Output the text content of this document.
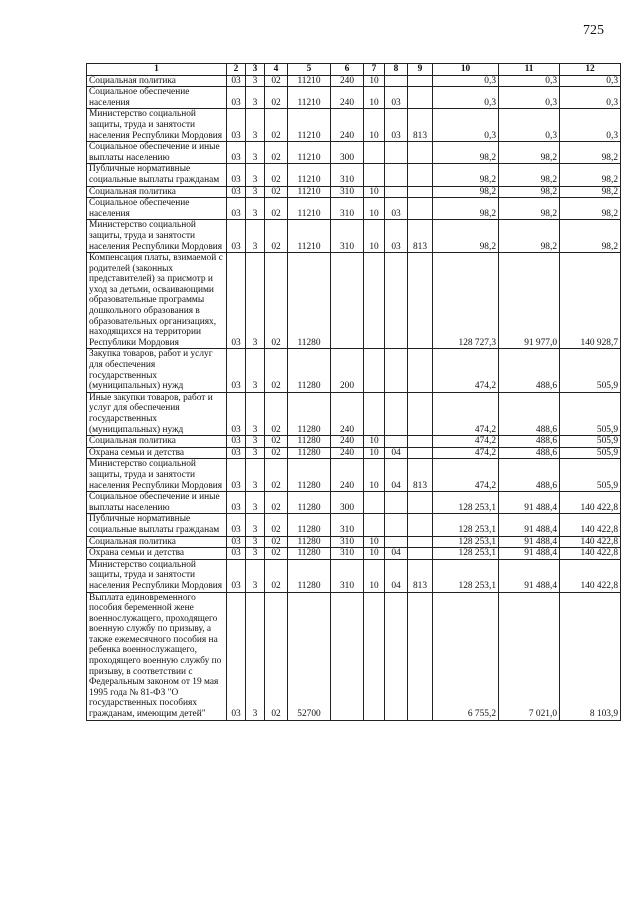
725
1	2	3	4	5	6	7	8	9	10	11	12
Социальная политика	03	3	02	11210	240	10			0,3	0,3	0,3
Социальное обеспечение населения	03	3	02	11210	240	10	03		0,3	0,3	0,3
Министерство социальной защиты, труда и занятости населения Республики Мордовия	03	3	02	11210	240	10	03	813	0,3	0,3	0,3
Социальное обеспечение и иные выплаты населению	03	3	02	11210	300				98,2	98,2	98,2
Публичные нормативные социальные выплаты гражданам	03	3	02	11210	310				98,2	98,2	98,2
Социальная политика	03	3	02	11210	310	10			98,2	98,2	98,2
Социальное обеспечение населения	03	3	02	11210	310	10	03		98,2	98,2	98,2
Министерство социальной защиты, труда и занятости населения Республики Мордовия	03	3	02	11210	310	10	03	813	98,2	98,2	98,2
Компенсация платы, взимаемой с родителей (законных представителей) за присмотр и уход за детьми, осваивающими образовательные программы дошкольного образования в образовательных организациях, находящихся на территории Республики Мордовия	03	3	02	11280					128 727,3	91 977,0	140 928,7
Закупка товаров, работ и услуг для обеспечения государственных (муниципальных) нужд	03	3	02	11280	200				474,2	488,6	505,9
Иные закупки товаров, работ и услуг для обеспечения государственных (муниципальных) нужд	03	3	02	11280	240				474,2	488,6	505,9
Социальная политика	03	3	02	11280	240	10			474,2	488,6	505,9
Охрана семьи и детства	03	3	02	11280	240	10	04		474,2	488,6	505,9
Министерство социальной защиты, труда и занятости населения Республики Мордовия	03	3	02	11280	240	10	04	813	474,2	488,6	505,9
Социальное обеспечение и иные выплаты населению	03	3	02	11280	300				128 253,1	91 488,4	140 422,8
Публичные нормативные социальные выплаты гражданам	03	3	02	11280	310				128 253,1	91 488,4	140 422,8
Социальная политика	03	3	02	11280	310	10			128 253,1	91 488,4	140 422,8
Охрана семьи и детства	03	3	02	11280	310	10	04		128 253,1	91 488,4	140 422,8
Министерство социальной защиты, труда и занятости населения Республики Мордовия	03	3	02	11280	310	10	04	813	128 253,1	91 488,4	140 422,8
Выплата единовременного пособия беременной жене военнослужащего, проходящего военную службу по призыву, а также ежемесячного пособия на ребенка военнослужащего, проходящего военную службу по призыву, в соответствии с Федеральным законом от 19 мая 1995 года № 81-ФЗ "О государственных пособиях гражданам, имеющим детей"	03	3	02	52700					6 755,2	7 021,0	8 103,9
